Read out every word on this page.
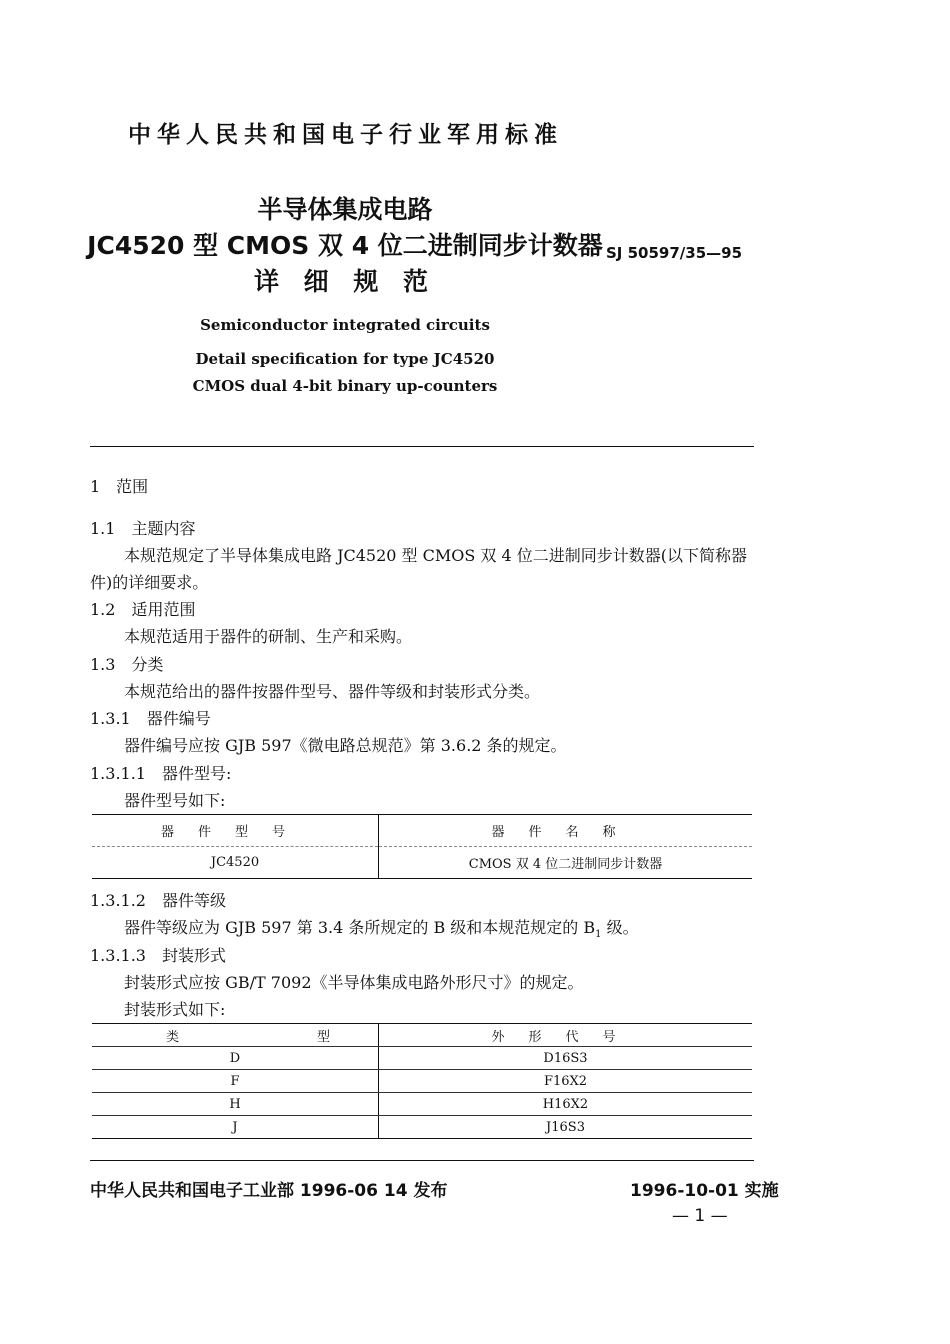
中华人民共和国电子行业军用标准
半导体集成电路
JC4520 型 CMOS 双 4 位二进制同步计数器
详 细 规 范
SJ 50597/35—95
Semiconductor integrated circuits
Detail specification for type JC4520
CMOS dual 4-bit binary up-counters
1　范围
1.1　主题内容
本规范规定了半导体集成电路 JC4520 型 CMOS 双 4 位二进制同步计数器(以下简称器
件)的详细要求。
1.2　适用范围
本规范适用于器件的研制、生产和采购。
1.3　分类
本规范给出的器件按器件型号、器件等级和封装形式分类。
1.3.1　器件编号
器件编号应按 GJB 597《微电路总规范》第 3.6.2 条的规定。
1.3.1.1　器件型号:
器件型号如下:
器件型号	器件名称
JC4520	CMOS 双 4 位二进制同步计数器
1.3.1.2　器件等级
器件等级应为 GJB 597 第 3.4 条所规定的 B 级和本规范规定的 $B_1$ 级。
1.3.1.3　封装形式
封装形式应按 GB/T 7092《半导体集成电路外形尺寸》的规定。
封装形式如下:
类 型	外形代号
D	D16S3
F	F16X2
H	H16X2
J	J16S3
中华人民共和国电子工业部 1996-06 14 发布	1996-10-01 实施
— 1 —
